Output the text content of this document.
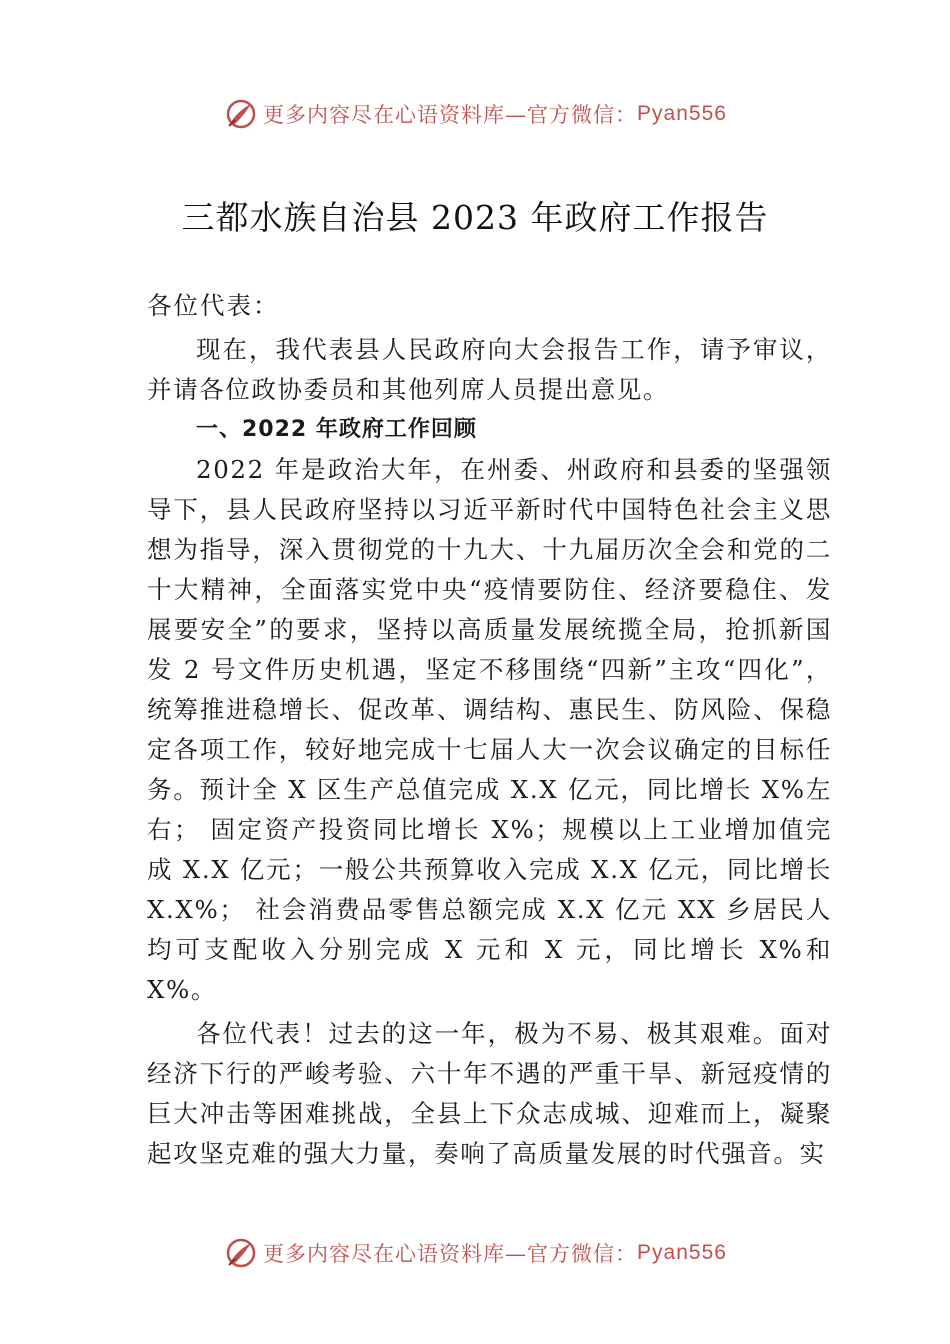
更多内容尽在心语资料库—官方微信： Pyan556
三都水族自治县 2023 年政府工作报告

各位代表：

现在，我代表县人民政府向大会报告工作，请予审议，并请各位政协委员和其他列席人员提出意见。

一、2022 年政府工作回顾

2022 年是政治大年，在州委、州政府和县委的坚强领导下，县人民政府坚持以习近平新时代中国特色社会主义思想为指导，深入贯彻党的十九大、十九届历次全会和党的二十大精神，全面落实党中央“疫情要防住、经济要稳住、发展要安全”的要求，坚持以高质量发展统揽全局，抢抓新国发 2 号文件历史机遇，坚定不移围绕“四新”主攻“四化”，统筹推进稳增长、促改革、调结构、惠民生、防风险、保稳定各项工作，较好地完成十七届人大一次会议确定的目标任务。预计全 X 区生产总值完成 X.X 亿元，同比增长 X%左右； 固定资产投资同比增长 X%；规模以上工业增加值完成 X.X 亿元；一般公共预算收入完成 X.X 亿元，同比增长 X.X%； 社会消费品零售总额完成 X.X 亿元 XX 乡居民人均可支配收入分别完成 X 元和 X 元，同比增长 X%和 X%。

各位代表！过去的这一年，极为不易、极其艰难。面对经济下行的严峻考验、六十年不遇的严重干旱、新冠疫情的巨大冲击等困难挑战，全县上下众志成城、迎难而上，凝聚起攻坚克难的强大力量，奏响了高质量发展的时代强音。实

更多内容尽在心语资料库—官方微信： Pyan556
